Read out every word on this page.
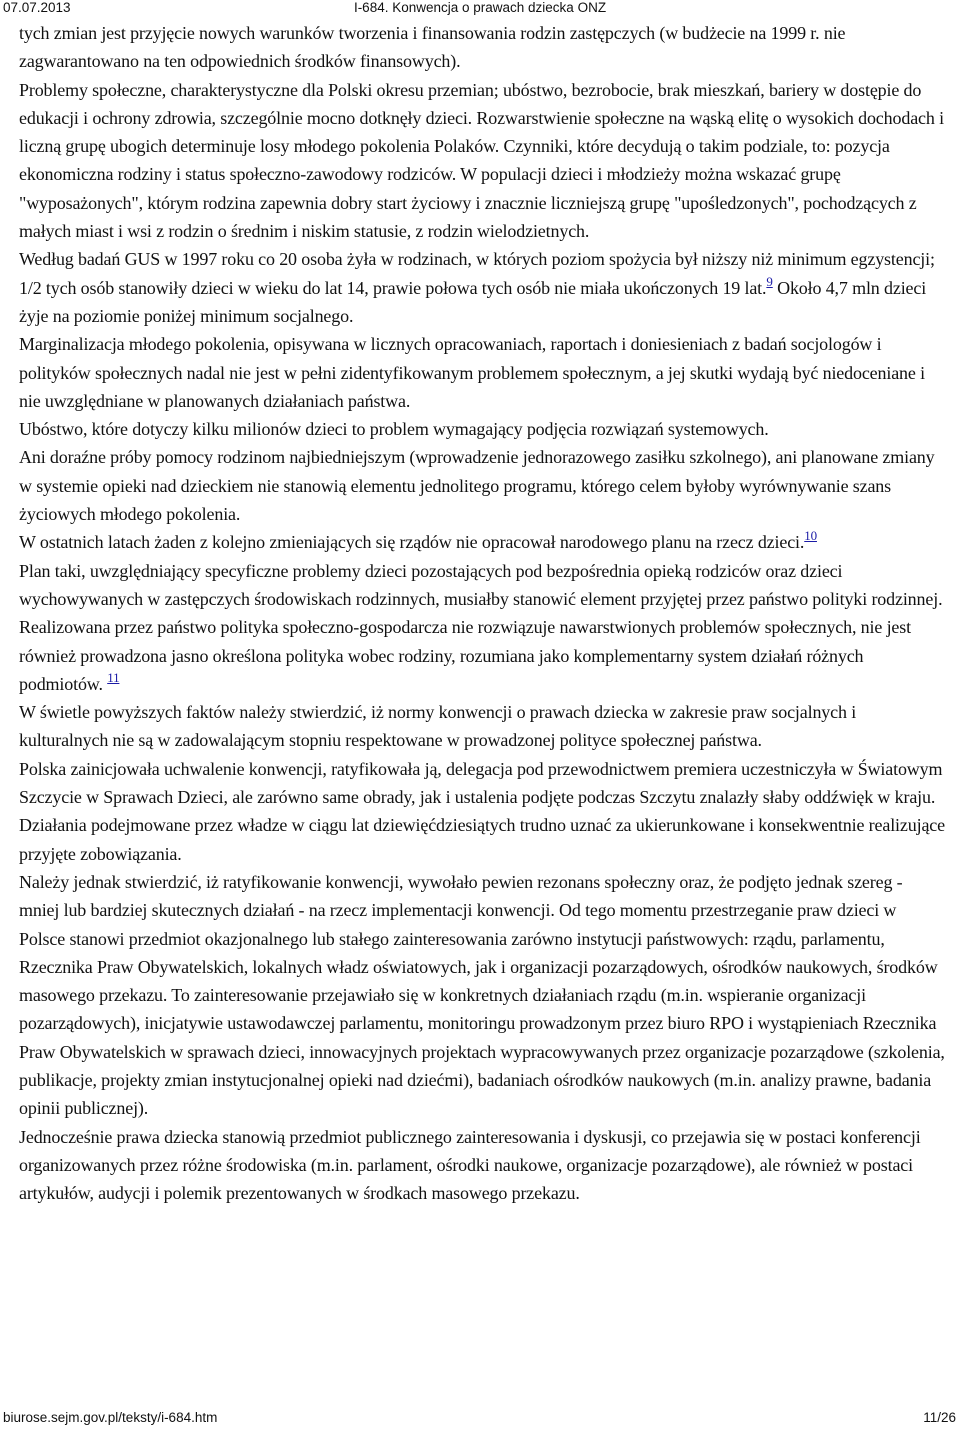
07.07.2013	I-684. Konwencja o prawach dziecka ONZ

tych zmian jest przyjęcie nowych warunków tworzenia i finansowania rodzin zastępczych (w budżecie na 1999 r. nie zagwarantowano na ten odpowiednich środków finansowych).

Problemy społeczne, charakterystyczne dla Polski okresu przemian; ubóstwo, bezrobocie, brak mieszkań, bariery w dostępie do edukacji i ochrony zdrowia, szczególnie mocno dotknęły dzieci. Rozwarstwienie społeczne na wąską elitę o wysokich dochodach i liczną grupę ubogich determinuje losy młodego pokolenia Polaków. Czynniki, które decydują o takim podziale, to: pozycja ekonomiczna rodziny i status społeczno-zawodowy rodziców. W populacji dzieci i młodzieży można wskazać grupę "wyposażonych", którym rodzina zapewnia dobry start życiowy i znacznie liczniejszą grupę "upośledzonych", pochodzących z małych miast i wsi z rodzin o średnim i niskim statusie, z rodzin wielodzietnych.

Według badań GUS w 1997 roku co 20 osoba żyła w rodzinach, w których poziom spożycia był niższy niż minimum egzystencji; 1/2 tych osób stanowiły dzieci w wieku do lat 14, prawie połowa tych osób nie miała ukończonych 19 lat.$^9$ Około 4,7 mln dzieci żyje na poziomie poniżej minimum socjalnego.

Marginalizacja młodego pokolenia, opisywana w licznych opracowaniach, raportach i doniesieniach z badań socjologów i polityków społecznych nadal nie jest w pełni zidentyfikowanym problemem społecznym, a jej skutki wydają być niedoceniane i nie uwzględniane w planowanych działaniach państwa.

Ubóstwo, które dotyczy kilku milionów dzieci to problem wymagający podjęcia rozwiązań systemowych.

Ani doraźne próby pomocy rodzinom najbiedniejszym (wprowadzenie jednorazowego zasiłku szkolnego), ani planowane zmiany w systemie opieki nad dzieckiem nie stanowią elementu jednolitego programu, którego celem byłoby wyrównywanie szans życiowych młodego pokolenia.

W ostatnich latach żaden z kolejno zmieniających się rządów nie opracował narodowego planu na rzecz dzieci.$^{10}$

Plan taki, uwzględniający specyficzne problemy dzieci pozostających pod bezpośrednia opieką rodziców oraz dzieci wychowywanych w zastępczych środowiskach rodzinnych, musiałby stanowić element przyjętej przez państwo polityki rodzinnej. Realizowana przez państwo polityka społeczno-gospodarcza nie rozwiązuje nawarstwionych problemów społecznych, nie jest również prowadzona jasno określona polityka wobec rodziny, rozumiana jako komplementarny system działań różnych podmiotów. $^{11}$

W świetle powyższych faktów należy stwierdzić, iż normy konwencji o prawach dziecka w zakresie praw socjalnych i kulturalnych nie są w zadowalającym stopniu respektowane w prowadzonej polityce społecznej państwa.

Polska zainicjowała uchwalenie konwencji, ratyfikowała ją, delegacja pod przewodnictwem premiera uczestniczyła w Światowym Szczycie w Sprawach Dzieci, ale zarówno same obrady, jak i ustalenia podjęte podczas Szczytu znalazły słaby oddźwięk w kraju. Działania podejmowane przez władze w ciągu lat dziewięćdziesiątych trudno uznać za ukierunkowane i konsekwentnie realizujące przyjęte zobowiązania.

Należy jednak stwierdzić, iż ratyfikowanie konwencji, wywołało pewien rezonans społeczny oraz, że podjęto jednak szereg - mniej lub bardziej skutecznych działań - na rzecz implementacji konwencji. Od tego momentu przestrzeganie praw dzieci w Polsce stanowi przedmiot okazjonalnego lub stałego zainteresowania zarówno instytucji państwowych: rządu, parlamentu, Rzecznika Praw Obywatelskich, lokalnych władz oświatowych, jak i organizacji pozarządowych, ośrodków naukowych, środków masowego przekazu. To zainteresowanie przejawiało się w konkretnych działaniach rządu (m.in. wspieranie organizacji pozarządowych), inicjatywie ustawodawczej parlamentu, monitoringu prowadzonym przez biuro RPO i wystąpieniach Rzecznika Praw Obywatelskich w sprawach dzieci, innowacyjnych projektach wypracowywanych przez organizacje pozarządowe (szkolenia, publikacje, projekty zmian instytucjonalnej opieki nad dziećmi), badaniach ośrodków naukowych (m.in. analizy prawne, badania opinii publicznej).

Jednocześnie prawa dziecka stanowią przedmiot publicznego zainteresowania i dyskusji, co przejawia się w postaci konferencji organizowanych przez różne środowiska (m.in. parlament, ośrodki naukowe, organizacje pozarządowe), ale również w postaci artykułów, audycji i polemik prezentowanych w środkach masowego przekazu.

biurose.sejm.gov.pl/teksty/i-684.htm	11/26
